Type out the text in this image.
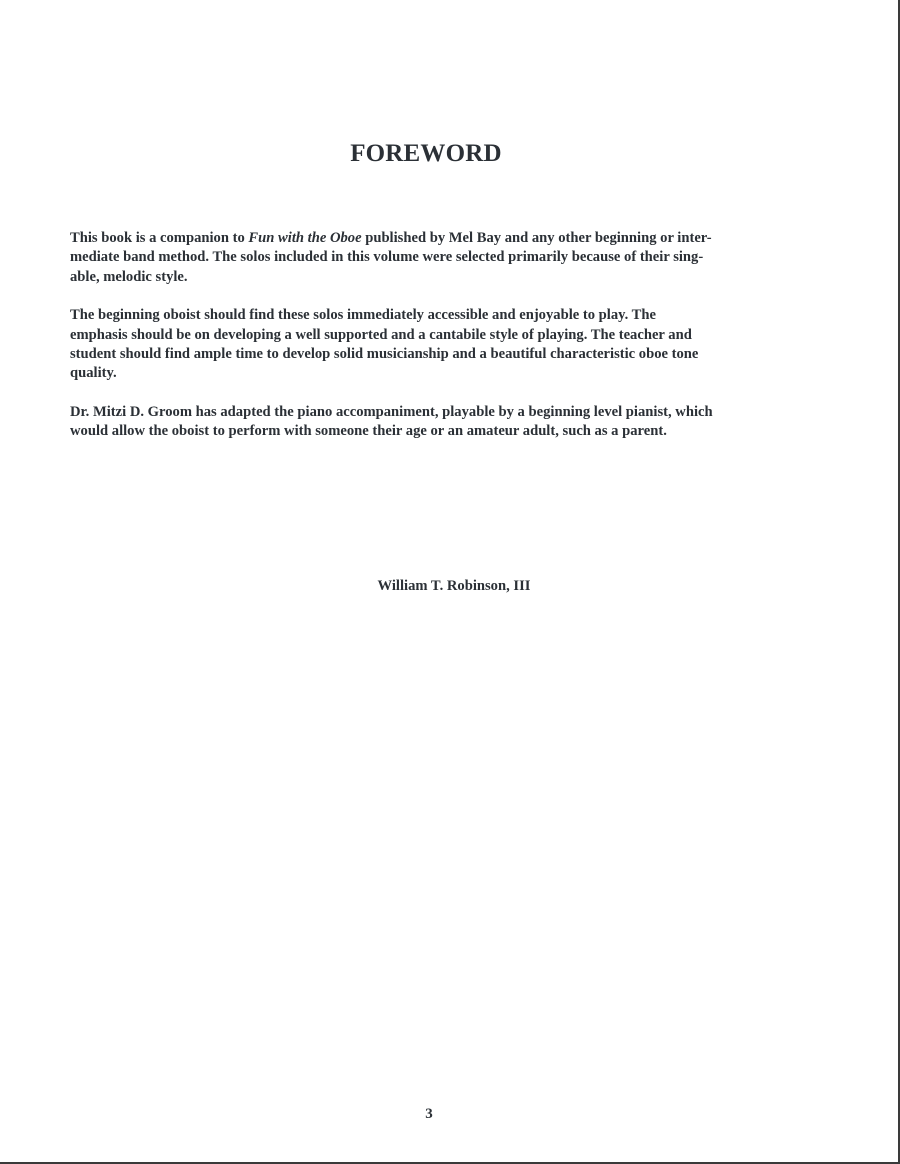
FOREWORD

This book is a companion to Fun with the Oboe published by Mel Bay and any other beginning or inter-
mediate band method. The solos included in this volume were selected primarily because of their sing-
able, melodic style.

The beginning oboist should find these solos immediately accessible and enjoyable to play. The
emphasis should be on developing a well supported and a cantabile style of playing. The teacher and
student should find ample time to develop solid musicianship and a beautiful characteristic oboe tone
quality.

Dr. Mitzi D. Groom has adapted the piano accompaniment, playable by a beginning level pianist, which
would allow the oboist to perform with someone their age or an amateur adult, such as a parent.

William T. Robinson, III
3
